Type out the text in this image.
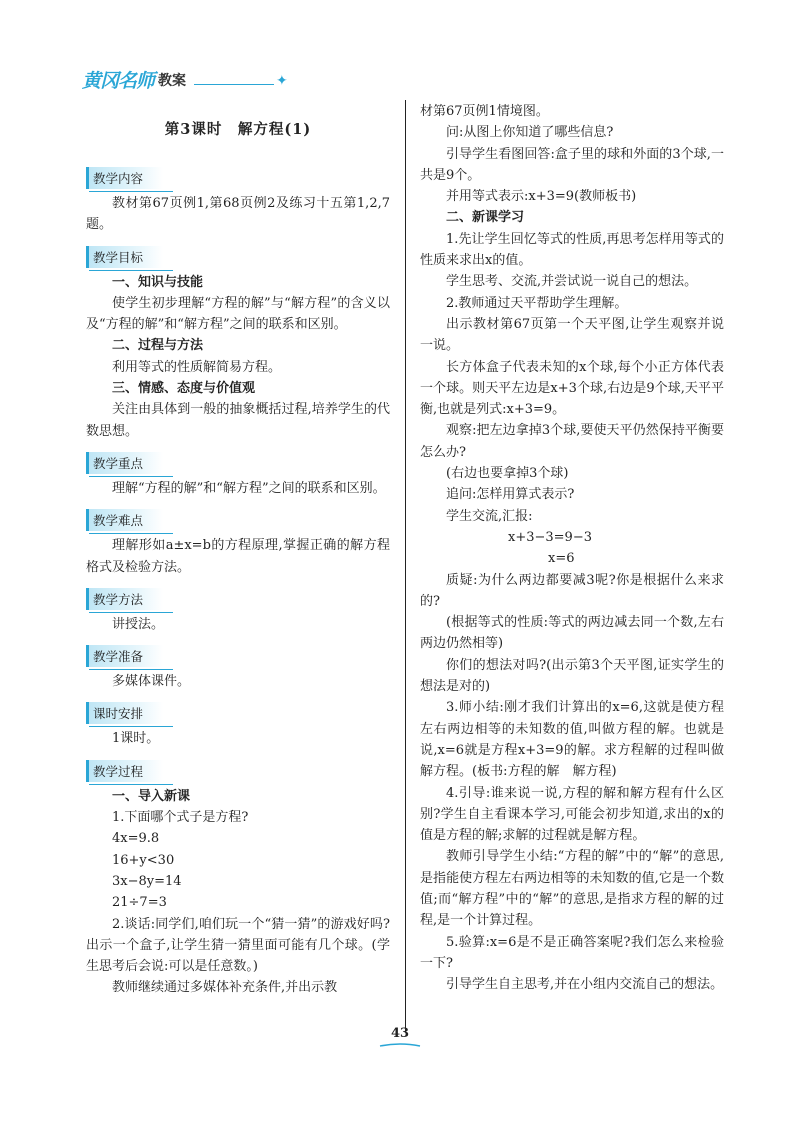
黄冈名师 教案	✦
第3课时　解方程(1)
教学内容

教材第67页例1,第68页例2及练习十五第1,2,7题。

教学目标

一、知识与技能

使学生初步理解“方程的解”与“解方程”的含义以及“方程的解”和“解方程”之间的联系和区别。

二、过程与方法

利用等式的性质解简易方程。

三、情感、态度与价值观

关注由具体到一般的抽象概括过程,培养学生的代数思想。

教学重点

理解“方程的解”和“解方程”之间的联系和区别。

教学难点

理解形如a±x=b的方程原理,掌握正确的解方程格式及检验方法。

教学方法

讲授法。

教学准备

多媒体课件。

课时安排

1课时。

教学过程

一、导入新课

1.下面哪个式子是方程?

4x=9.8

16+y<30

3x−8y=14

21÷7=3

2.谈话:同学们,咱们玩一个“猜一猜”的游戏好吗?出示一个盒子,让学生猜一猜里面可能有几个球。(学生思考后会说:可以是任意数。)

教师继续通过多媒体补充条件,并出示教

材第67页例1情境图。

问:从图上你知道了哪些信息?

引导学生看图回答:盒子里的球和外面的3个球,一共是9个。

并用等式表示:x+3=9(教师板书)

二、新课学习

1.先让学生回忆等式的性质,再思考怎样用等式的性质来求出x的值。

学生思考、交流,并尝试说一说自己的想法。

2.教师通过天平帮助学生理解。

出示教材第67页第一个天平图,让学生观察并说一说。

长方体盒子代表未知的x个球,每个小正方体代表一个球。则天平左边是x+3个球,右边是9个球,天平平衡,也就是列式:x+3=9。

观察:把左边拿掉3个球,要使天平仍然保持平衡要怎么办?

(右边也要拿掉3个球)

追问:怎样用算式表示?

学生交流,汇报:

x+3−3=9−3

x=6

质疑:为什么两边都要减3呢?你是根据什么来求的?

(根据等式的性质:等式的两边减去同一个数,左右两边仍然相等)

你们的想法对吗?(出示第3个天平图,证实学生的想法是对的)

3.师小结:刚才我们计算出的x=6,这就是使方程左右两边相等的未知数的值,叫做方程的解。也就是说,x=6就是方程x+3=9的解。求方程解的过程叫做解方程。(板书:方程的解　解方程)

4.引导:谁来说一说,方程的解和解方程有什么区别?学生自主看课本学习,可能会初步知道,求出的x的值是方程的解;求解的过程就是解方程。

教师引导学生小结:“方程的解”中的“解”的意思,是指能使方程左右两边相等的未知数的值,它是一个数值;而“解方程”中的“解”的意思,是指求方程的解的过程,是一个计算过程。

5.验算:x=6是不是正确答案呢?我们怎么来检验一下?

引导学生自主思考,并在小组内交流自己的想法。

43
